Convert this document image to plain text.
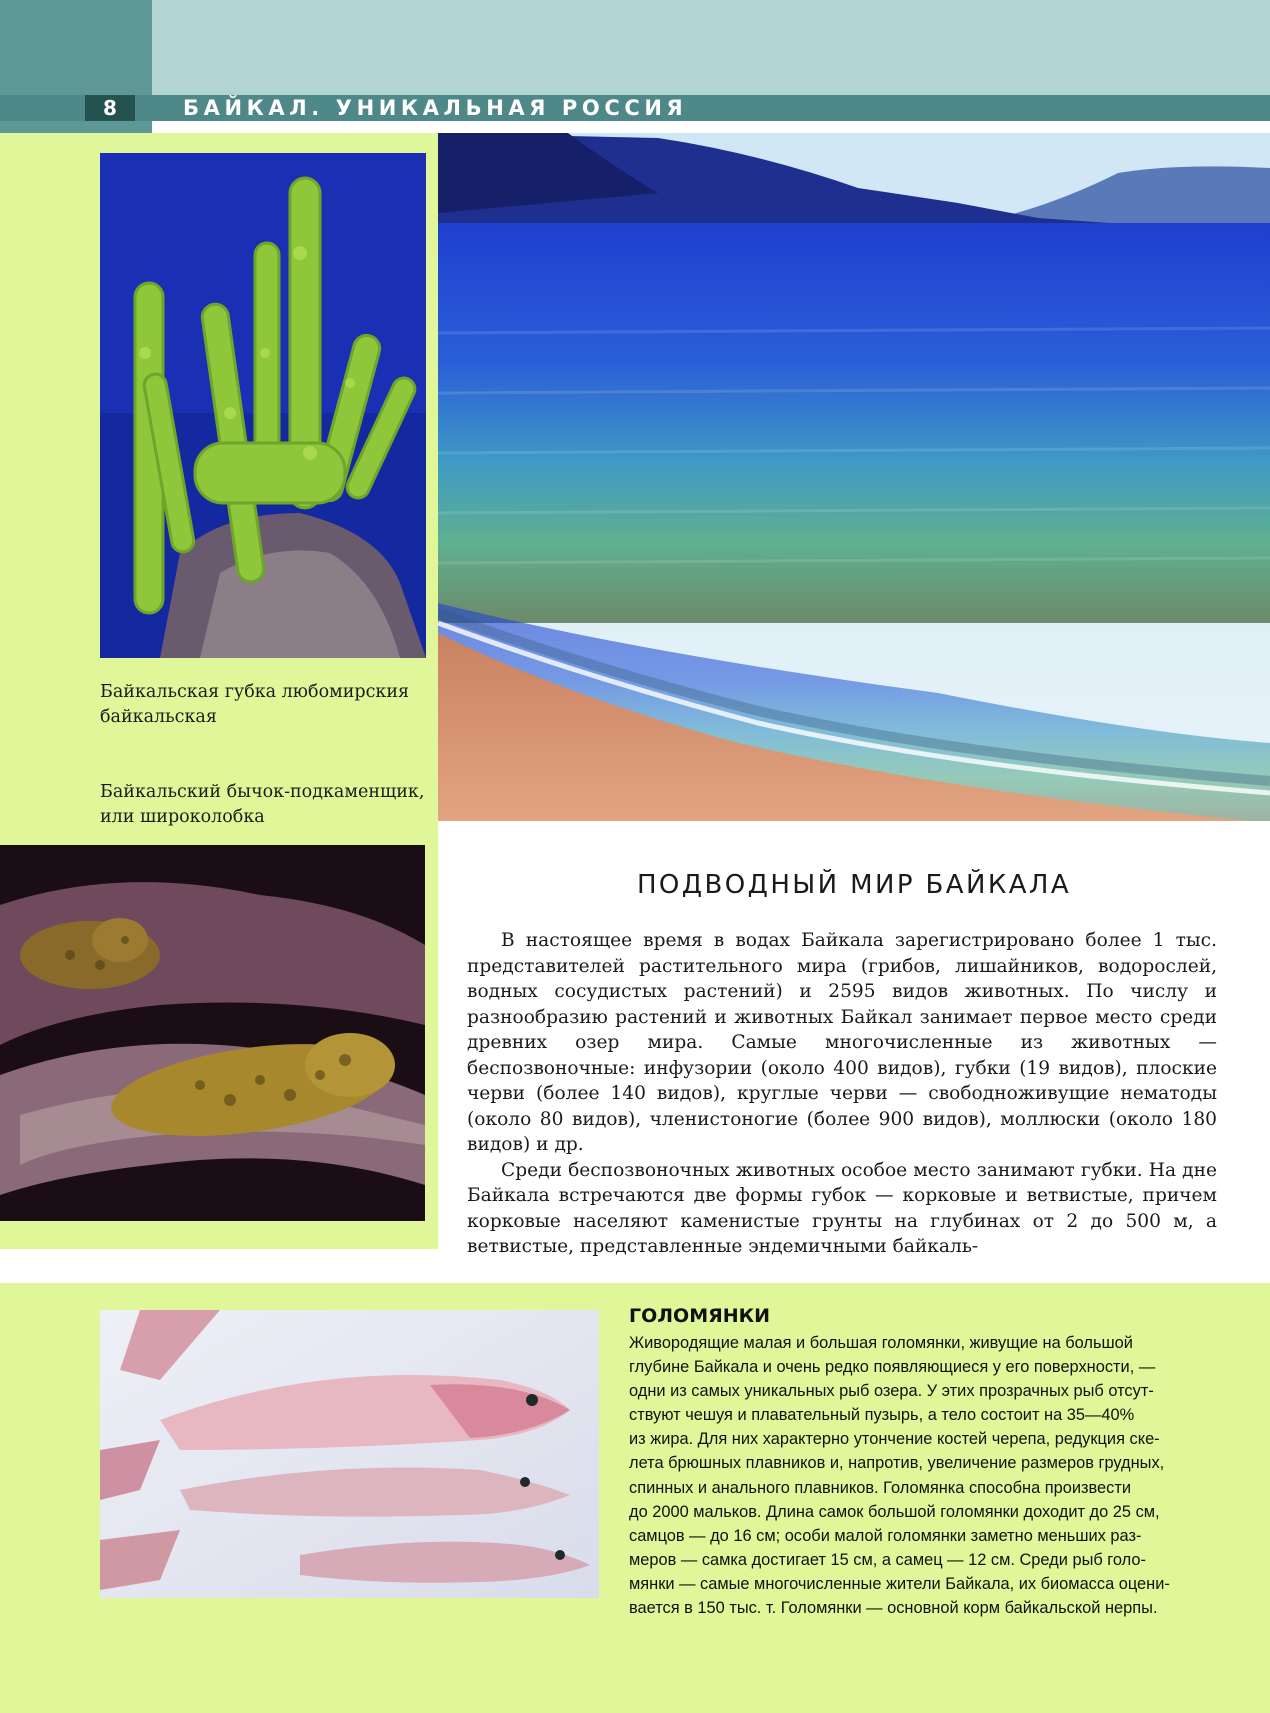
8	БАЙКАЛ. УНИКАЛЬНАЯ РОССИЯ
Байкальская губка любомирския
байкальская
Байкальский бычок-подкаменщик,
или широколобка
ПОДВОДНЫЙ МИР БАЙКАЛА

В настоящее время в водах Байкала зарегистрировано более 1 тыс. представителей растительного мира (грибов, лишайников, водорослей, водных сосудистых растений) и 2595 видов животных. По числу и разнообразию растений и животных Байкал занимает первое место среди древних озер мира. Самые многочисленные из животных — беспозвоночные: инфузории (около 400 видов), губки (19 видов), плоские черви (более 140 видов), круглые черви — свободноживущие нематоды (около 80 видов), членистоногие (более 900 видов), моллюски (около 180 видов) и др.

Среди беспозвоночных животных особое место занимают губки. На дне Байкала встречаются две формы губок — корковые и ветвистые, причем корковые населяют каменистые грунты на глубинах от 2 до 500 м, а ветвистые, представленные эндемичными байкаль-

ГОЛОМЯНКИ
Живородящие малая и большая голомянки, живущие на большой
глубине Байкала и очень редко появляющиеся у его поверхности, —
одни из самых уникальных рыб озера. У этих прозрачных рыб отсут-
ствуют чешуя и плавательный пузырь, а тело состоит на 35—40%
из жира. Для них характерно утончение костей черепа, редукция ске-
лета брюшных плавников и, напротив, увеличение размеров грудных,
спинных и анального плавников. Голомянка способна произвести
до 2000 мальков. Длина самок большой голомянки доходит до 25 см,
самцов — до 16 см; особи малой голомянки заметно меньших раз-
меров — самка достигает 15 см, а самец — 12 см. Среди рыб голо-
мянки — самые многочисленные жители Байкала, их биомасса оцени-
вается в 150 тыс. т. Голомянки — основной корм байкальской нерпы.
